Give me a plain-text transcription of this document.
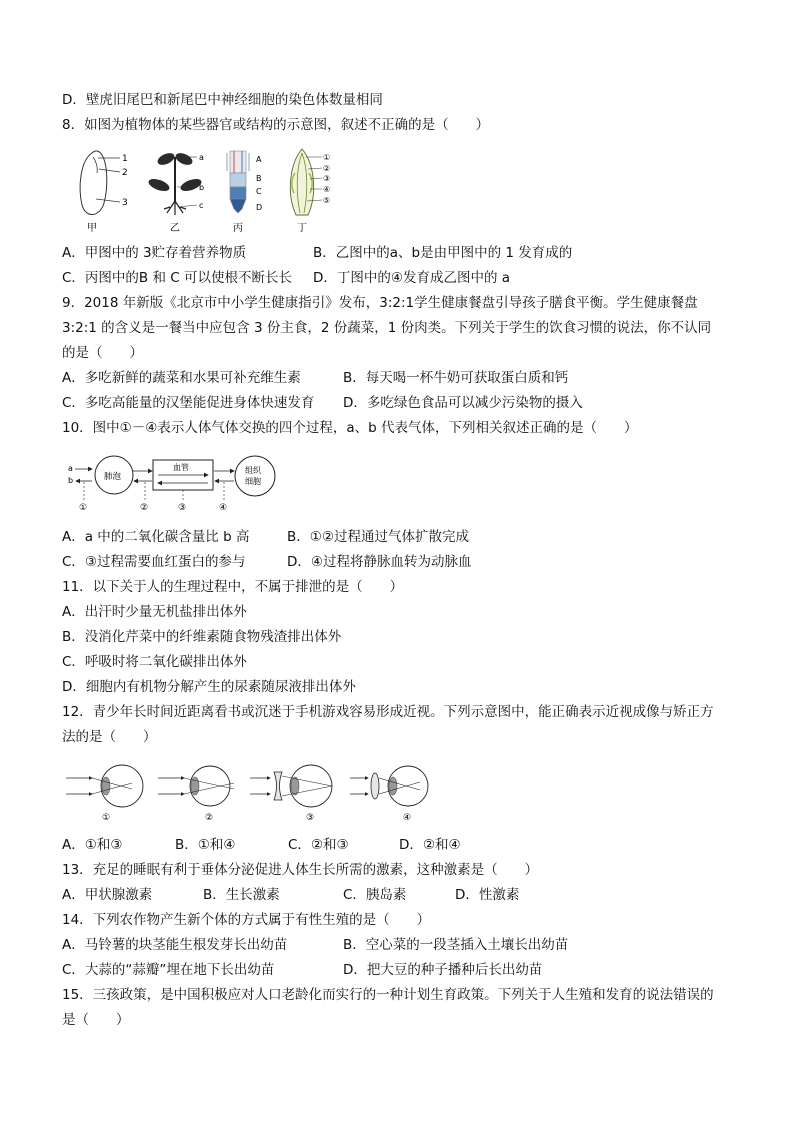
D．壁虎旧尾巴和新尾巴中神经细胞的染色体数量相同
8．如图为植物体的某些器官或结构的示意图，叙述不正确的是（　　）
1
2
3
甲
a
b
c
乙
A
B
C
D
丙
①
②
③
④
⑤
丁
A．甲图中的 3贮存着营养物质	B．乙图中的a、b是由甲图中的 1 发育成的
C．丙图中的B 和 C 可以使根不断长长 D．丁图中的④发育成乙图中的 a
9．2018 年新版《北京市中小学生健康指引》发布，3:2:1学生健康餐盘引导孩子膳食平衡。学生健康餐盘
3:2:1 的含义是一餐当中应包含 3 份主食，2 份蔬菜，1 份肉类。下列关于学生的饮食习惯的说法，你不认同
的是（　　）
A．多吃新鲜的蔬菜和水果可补充维生素	B．每天喝一杯牛奶可获取蛋白质和钙
C．多吃高能量的汉堡能促进身体快速发育 D．多吃绿色食品可以减少污染物的摄入
10．图中①－④表示人体气体交换的四个过程，a、b 代表气体，下列相关叙述正确的是（　　）
a
b	肺泡
血管	组织
细胞
①	②	③	④
A．a 中的二氧化碳含量比 b 高	B．①②过程通过气体扩散完成
C．③过程需要血红蛋白的参与	D．④过程将静脉血转为动脉血
11．以下关于人的生理过程中，不属于排泄的是（　　）
A．出汗时少量无机盐排出体外
B．没消化芹菜中的纤维素随食物残渣排出体外
C．呼吸时将二氧化碳排出体外
D．细胞内有机物分解产生的尿素随尿液排出体外
12．青少年长时间近距离看书或沉迷于手机游戏容易形成近视。下列示意图中，能正确表示近视成像与矫正方
法的是（　　）
①	②	③	④
A．①和③	B．①和④	C．②和③	D．②和④
13．充足的睡眠有利于垂体分泌促进人体生长所需的激素，这种激素是（　　）
A．甲状腺激素	B．生长激素	C．胰岛素	D．性激素
14．下列农作物产生新个体的方式属于有性生殖的是（　　）
A．马铃薯的块茎能生根发芽长出幼苗	B．空心菜的一段茎插入土壤长出幼苗
C．大蒜的“蒜瓣”埋在地下长出幼苗	D．把大豆的种子播种后长出幼苗
15．三孩政策，是中国积极应对人口老龄化而实行的一种计划生育政策。下列关于人生殖和发育的说法错误的
是（　　）
